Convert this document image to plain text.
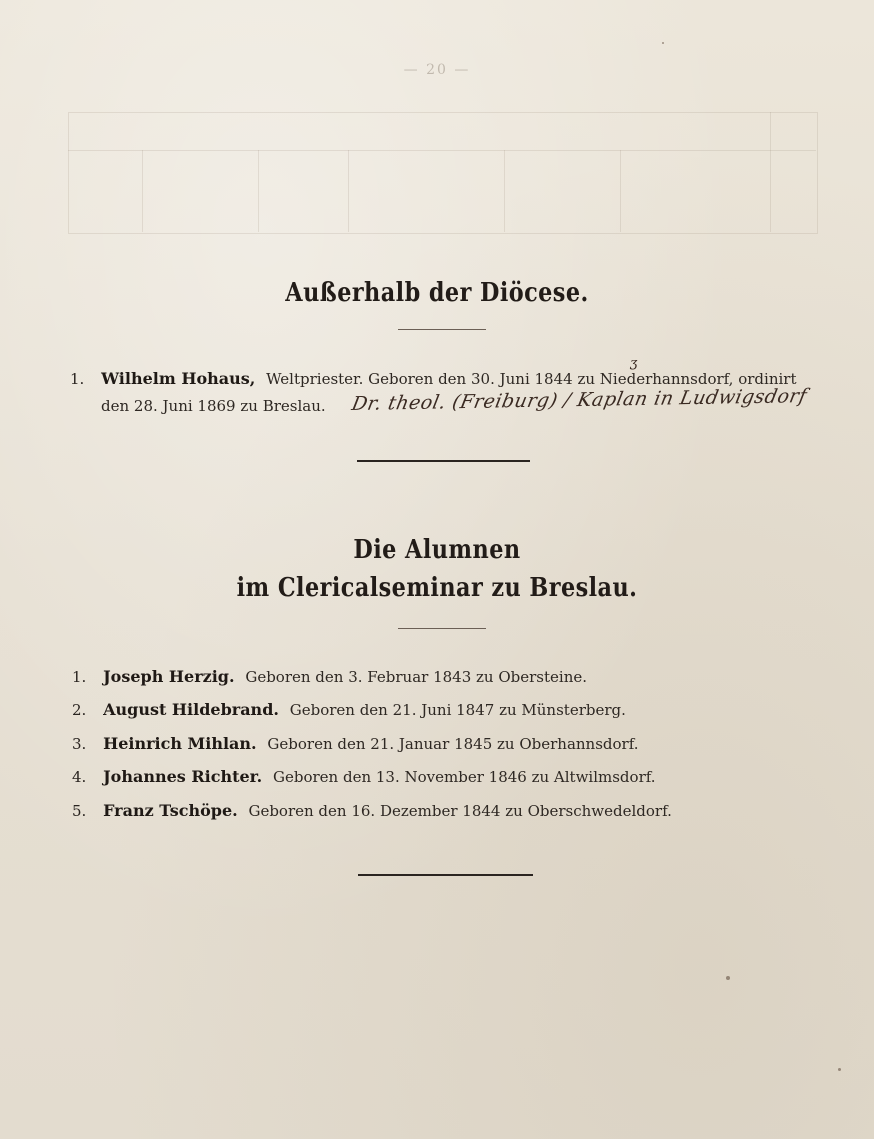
— 20 —
Außerhalb der Diöcese.
1. Wilhelm Hohaus, Weltpriester. Geboren den 30. Juni 1844 zu Niederhannsdorf, ordinirt
ʒ
den 28. Juni 1869 zu Breslau. Dr. theol. (Freiburg) / Kaplan in Ludwigsdorf
Die Alumnen
im Clericalseminar zu Breslau.
1. Joseph Herzig. Geboren den 3. Februar 1843 zu Obersteine.
2. August Hildebrand. Geboren den 21. Juni 1847 zu Münsterberg.
3. Heinrich Mihlan. Geboren den 21. Januar 1845 zu Oberhannsdorf.
4. Johannes Richter. Geboren den 13. November 1846 zu Altwilmsdorf.
5. Franz Tschöpe. Geboren den 16. Dezember 1844 zu Oberschwedeldorf.
